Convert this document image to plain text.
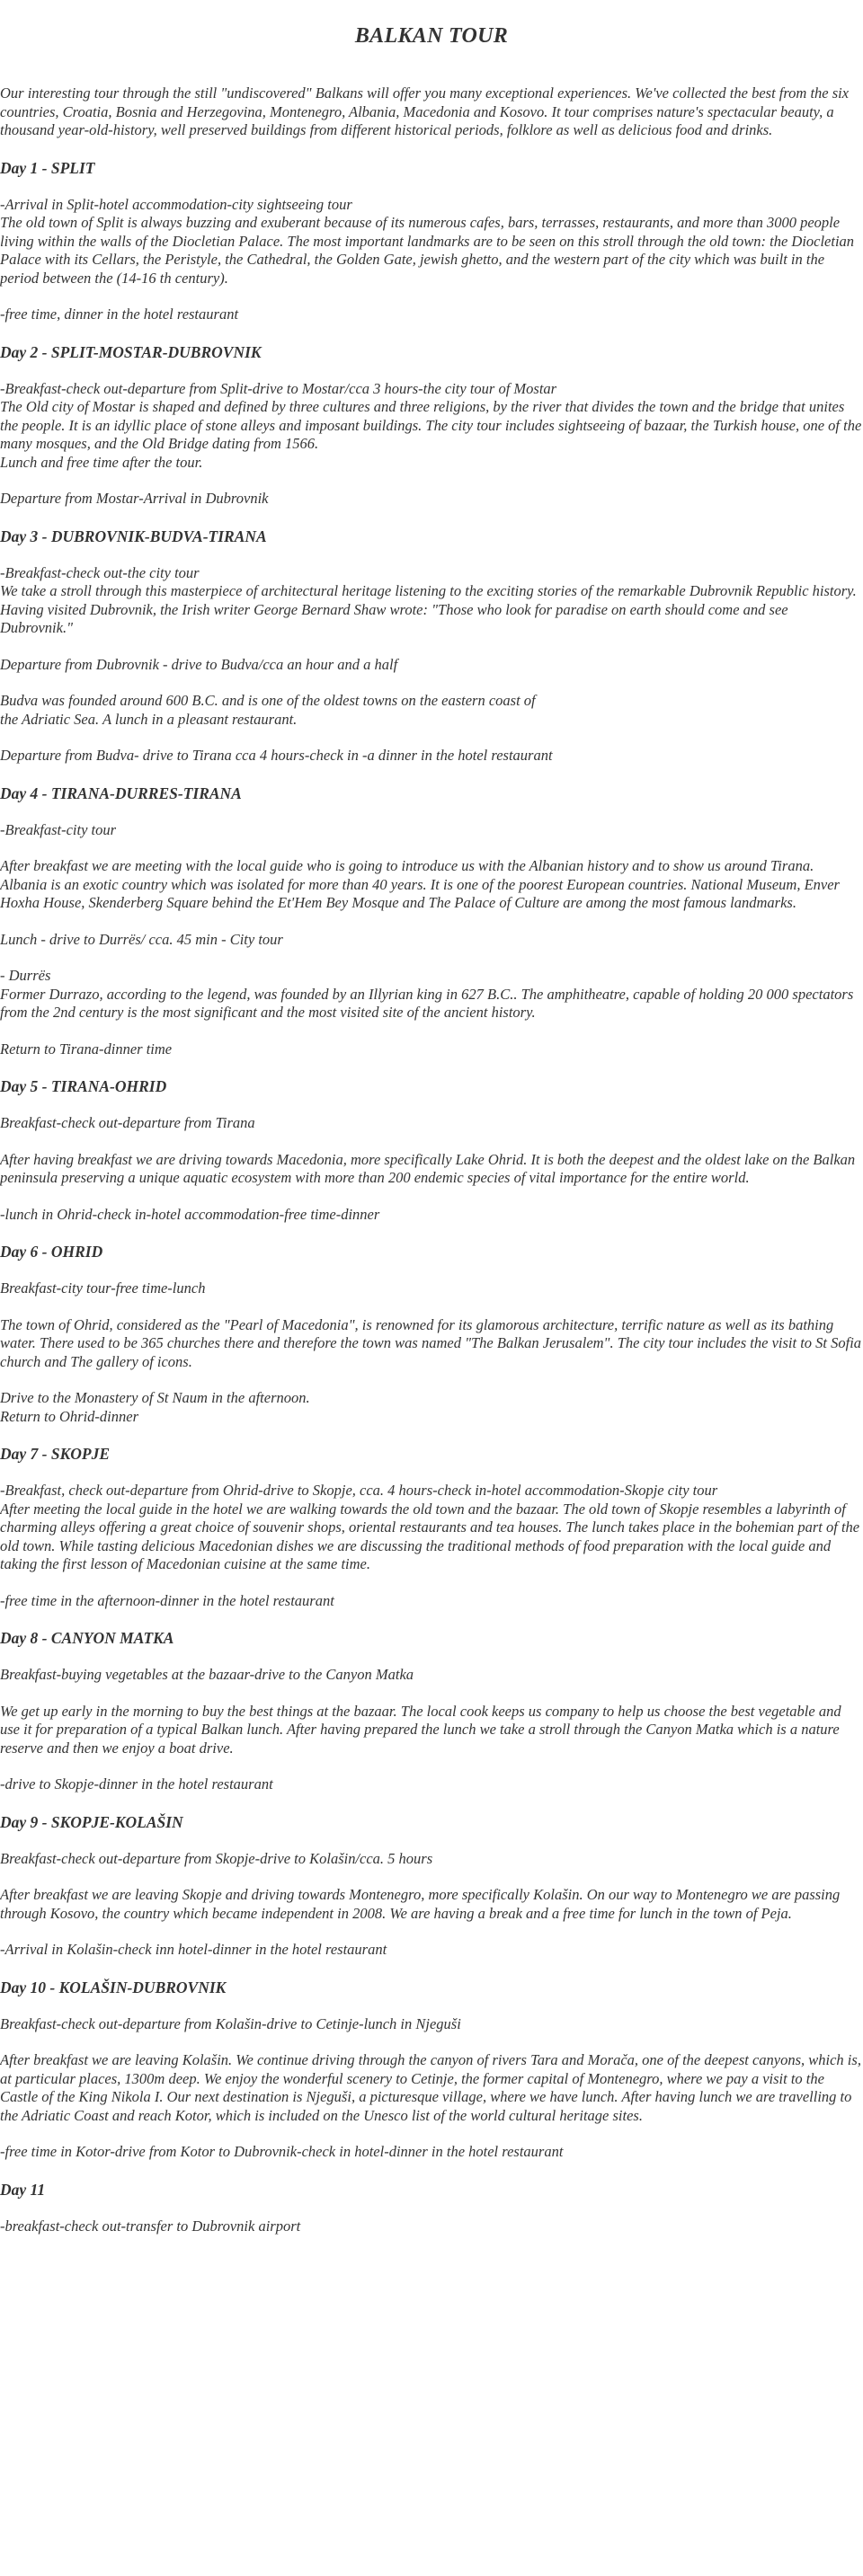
BALKAN TOUR
Our interesting tour through the still "undiscovered" Balkans will offer you many exceptional experiences. We've collected the best from the six countries, Croatia, Bosnia and Herzegovina, Montenegro, Albania, Macedonia and Kosovo. It tour comprises nature's spectacular beauty, a thousand year-old-history, well preserved buildings from different historical periods, folklore as well as delicious food and drinks.
Day 1 - SPLIT
-Arrival in Split-hotel accommodation-city sightseeing tour
The old town of Split is always buzzing and exuberant because of its numerous cafes, bars, terrasses, restaurants, and more than 3000 people living within the walls of the Diocletian Palace. The most important landmarks are to be seen on this stroll through the old town: the Diocletian Palace with its Cellars, the Peristyle, the Cathedral, the Golden Gate, jewish ghetto, and the western part of the city which was built in the period between the (14-16 th century).
-free time, dinner in the hotel restaurant
Day 2 - SPLIT-MOSTAR-DUBROVNIK
-Breakfast-check out-departure from Split-drive to Mostar/cca 3 hours-the city tour of Mostar
The Old city of Mostar is shaped and defined by three cultures and three religions, by the river that divides the town and the bridge that unites the people. It is an idyllic place of stone alleys and imposant buildings. The city tour includes sightseeing of bazaar, the Turkish house, one of the many mosques, and the Old Bridge dating from 1566.
Lunch and free time after the tour.
Departure from Mostar-Arrival in Dubrovnik
Day 3 - DUBROVNIK-BUDVA-TIRANA
-Breakfast-check out-the city tour
We take a stroll through this masterpiece of architectural heritage listening to the exciting stories of the remarkable Dubrovnik Republic history. Having visited Dubrovnik, the Irish writer George Bernard Shaw wrote: "Those who look for paradise on earth should come and see Dubrovnik."
Departure from Dubrovnik - drive to Budva/cca an hour and a half
Budva was founded around 600 B.C. and is one of the oldest towns on the eastern coast of
the Adriatic Sea. A lunch in a pleasant restaurant.
Departure from Budva- drive to Tirana cca 4 hours-check in -a dinner in the hotel restaurant
Day 4 - TIRANA-DURRES-TIRANA
-Breakfast-city tour
After breakfast we are meeting with the local guide who is going to introduce us with the Albanian history and to show us around Tirana. Albania is an exotic country which was isolated for more than 40 years. It is one of the poorest European countries. National Museum, Enver Hoxha House, Skenderberg Square behind the Et'Hem Bey Mosque and The Palace of Culture are among the most famous landmarks.
Lunch - drive to Durrës/ cca. 45 min - City tour
- Durrës
Former Durrazo, according to the legend, was founded by an Illyrian king in 627 B.C.. The amphitheatre, capable of holding 20 000 spectators from the 2nd century is the most significant and the most visited site of the ancient history.
Return to Tirana-dinner time
Day 5 - TIRANA-OHRID
Breakfast-check out-departure from Tirana
After having breakfast we are driving towards Macedonia, more specifically Lake Ohrid. It is both the deepest and the oldest lake on the Balkan peninsula preserving a unique aquatic ecosystem with more than 200 endemic species of vital importance for the entire world.
-lunch in Ohrid-check in-hotel accommodation-free time-dinner
Day 6 - OHRID
Breakfast-city tour-free time-lunch
The town of Ohrid, considered as the "Pearl of Macedonia", is renowned for its glamorous architecture, terrific nature as well as its bathing water. There used to be 365 churches there and therefore the town was named "The Balkan Jerusalem". The city tour includes the visit to St Sofia church and The gallery of icons.
Drive to the Monastery of St Naum in the afternoon.
Return to Ohrid-dinner
Day 7 - SKOPJE
-Breakfast, check out-departure from Ohrid-drive to Skopje, cca. 4 hours-check in-hotel accommodation-Skopje city tour
After meeting the local guide in the hotel we are walking towards the old town and the bazaar. The old town of Skopje resembles a labyrinth of charming alleys offering a great choice of souvenir shops, oriental restaurants and tea houses. The lunch takes place in the bohemian part of the old town. While tasting delicious Macedonian dishes we are discussing the traditional methods of food preparation with the local guide and taking the first lesson of Macedonian cuisine at the same time.
-free time in the afternoon-dinner in the hotel restaurant
Day 8 - CANYON MATKA
Breakfast-buying vegetables at the bazaar-drive to the Canyon Matka
We get up early in the morning to buy the best things at the bazaar. The local cook keeps us company to help us choose the best vegetable and use it for preparation of a typical Balkan lunch. After having prepared the lunch we take a stroll through the Canyon Matka which is a nature reserve and then we enjoy a boat drive.
-drive to Skopje-dinner in the hotel restaurant
Day 9 - SKOPJE-KOLAŠIN
Breakfast-check out-departure from Skopje-drive to Kolašin/cca. 5 hours
After breakfast we are leaving Skopje and driving towards Montenegro, more specifically Kolašin. On our way to Montenegro we are passing through Kosovo, the country which became independent in 2008. We are having a break and a free time for lunch in the town of Peja.
-Arrival in Kolašin-check inn hotel-dinner in the hotel restaurant
Day 10 - KOLAŠIN-DUBROVNIK
Breakfast-check out-departure from Kolašin-drive to Cetinje-lunch in Njeguši
After breakfast we are leaving Kolašin. We continue driving through the canyon of rivers Tara and Morača, one of the deepest canyons, which is, at particular places, 1300m deep. We enjoy the wonderful scenery to Cetinje, the former capital of Montenegro, where we pay a visit to the Castle of the King Nikola I. Our next destination is Njeguši, a picturesque village, where we have lunch. After having lunch we are travelling to the Adriatic Coast and reach Kotor, which is included on the Unesco list of the world cultural heritage sites.
-free time in Kotor-drive from Kotor to Dubrovnik-check in hotel-dinner in the hotel restaurant
Day 11
-breakfast-check out-transfer to Dubrovnik airport
